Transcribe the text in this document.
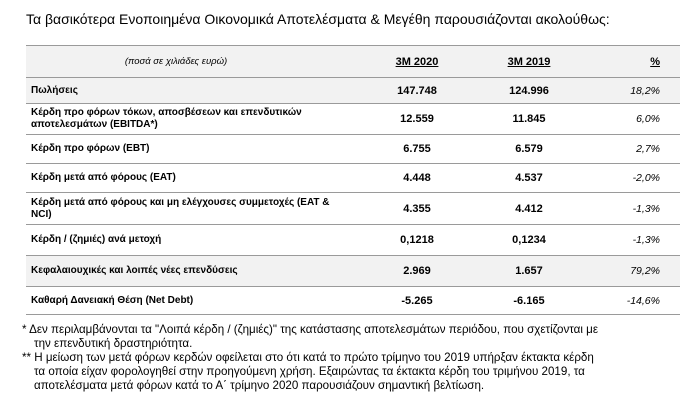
Τα βασικότερα Ενοποιημένα Οικονομικά Αποτελέσματα & Μεγέθη παρουσιάζονται ακολούθως:
(ποσά σε χιλιάδες ευρώ)	3M 2020	3M 2019	%
Πωλήσεις	147.748	124.996	18,2%
Κέρδη προ φόρων τόκων, αποσβέσεων και επενδυτικών αποτελεσμάτων (EBITDA*)	12.559	11.845	6,0%
Κέρδη προ φόρων (EBT)	6.755	6.579	2,7%
Κέρδη μετά από φόρους (EAT)	4.448	4.537	-2,0%
Κέρδη μετά από φόρους και μη ελέγχουσες συμμετοχές (EAT & NCI)	4.355	4.412	-1,3%
Κέρδη / (ζημιές) ανά μετοχή	0,1218	0,1234	-1,3%
Κεφαλαιουχικές και λοιπές νέες επενδύσεις	2.969	1.657	79,2%
Καθαρή Δανειακή Θέση (Net Debt)	-5.265	-6.165	-14,6%

* Δεν περιλαμβάνονται τα "Λοιπά κέρδη / (ζημιές)" της κατάστασης αποτελεσμάτων περιόδου, που σχετίζονται με

την επενδυτική δραστηριότητα.

** Η μείωση των μετά φόρων κερδών οφείλεται στο ότι κατά το πρώτο τρίμηνο του 2019 υπήρξαν έκτακτα κέρδη

τα οποία είχαν φορολογηθεί στην προηγούμενη χρήση. Εξαιρώντας τα έκτακτα κέρδη του τριμήνου 2019, τα

αποτελέσματα μετά φόρων κατά το Α΄ τρίμηνο 2020 παρουσιάζουν σημαντική βελτίωση.
